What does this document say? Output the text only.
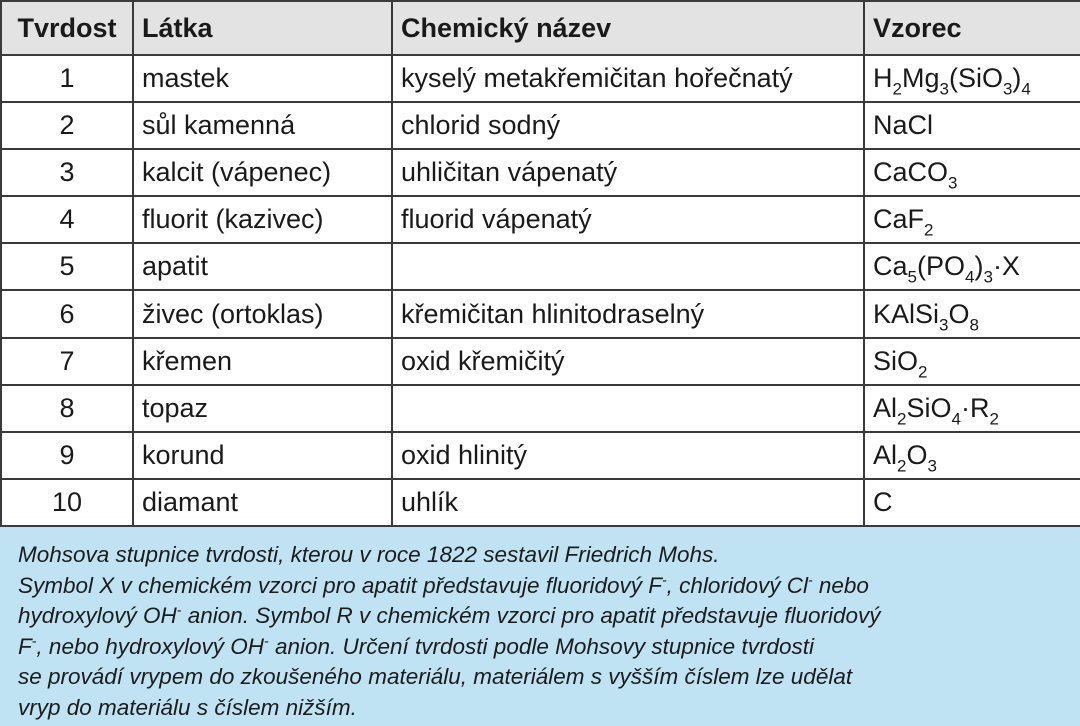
Tvrdost	Látka	Chemický název	Vzorec
1	mastek	kyselý metakřemičitan hořečnatý	$H_2Mg_3(SiO_3)_4$
2	sůl kamenná	chlorid sodný	NaCl
3	kalcit (vápenec)	uhličitan vápenatý	CaCO$_3$
4	fluorit (kazivec)	fluorid vápenatý	CaF$_2$
5	apatit		$Ca_5(PO_4)_3\cdot X$
6	živec (ortoklas)	křemičitan hlinitodraselný	$KAlSi_3O_8$
7	křemen	oxid křemičitý	SiO$_2$
8	topaz		$Al_2SiO_4\cdot R_2$
9	korund	oxid hlinitý	$Al_2O_3$
10	diamant	uhlík	C
Mohsova stupnice tvrdosti, kterou v roce 1822 sestavil Friedrich Mohs.
Symbol X v chemickém vzorci pro apatit představuje fluoridový F-, chloridový Cl- nebo
hydroxylový OH- anion. Symbol R v chemickém vzorci pro apatit představuje fluoridový
F-, nebo hydroxylový OH- anion. Určení tvrdosti podle Mohsovy stupnice tvrdosti
se provádí vrypem do zkoušeného materiálu, materiálem s vyšším číslem lze udělat
vryp do materiálu s číslem nižším.
